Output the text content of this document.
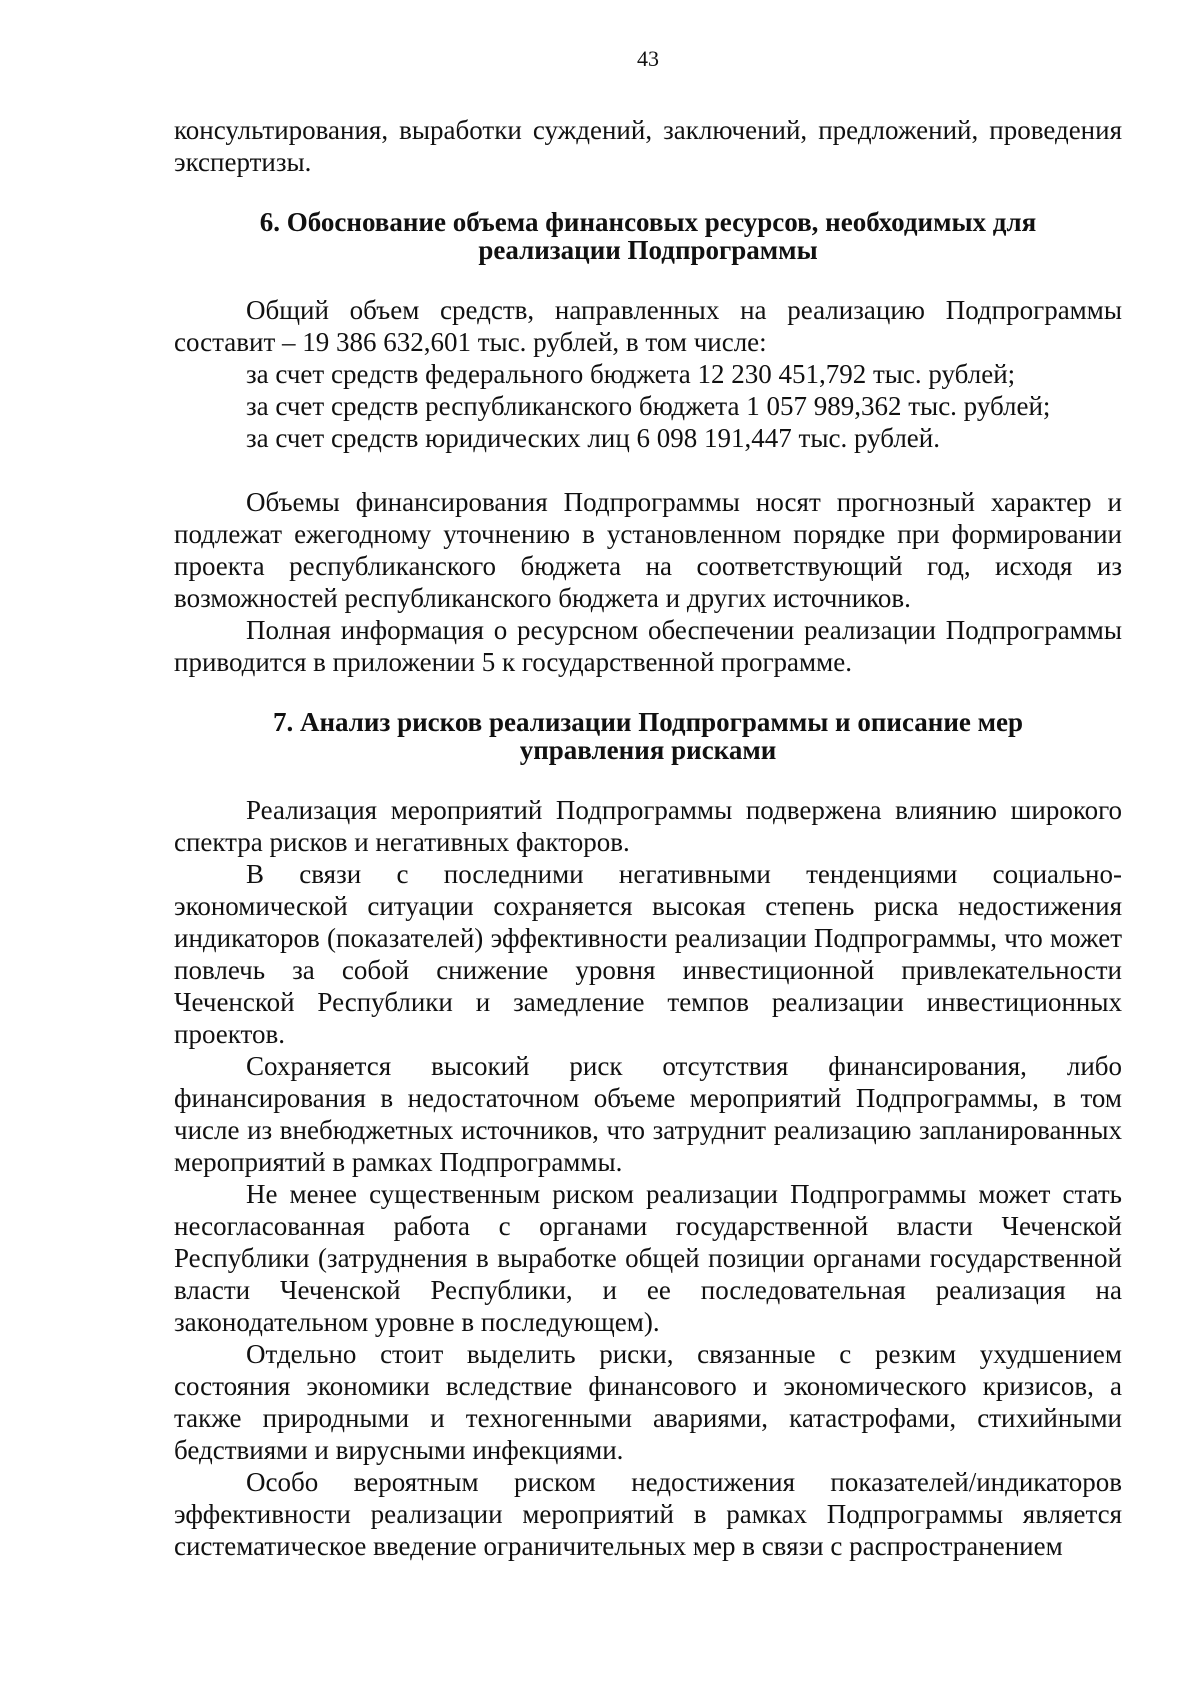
43

консультирования, выработки суждений, заключений, предложений, проведения экспертизы.

6. Обоснование объема финансовых ресурсов, необходимых для

реализации Подпрограммы

Общий объем средств, направленных на реализацию Подпрограммы составит – 19 386 632,601 тыс. рублей, в том числе:

за счет средств федерального бюджета 12 230 451,792 тыс. рублей;

за счет средств республиканского бюджета 1 057 989,362 тыс. рублей;

за счет средств юридических лиц 6 098 191,447 тыс. рублей.

Объемы финансирования Подпрограммы носят прогнозный характер и подлежат ежегодному уточнению в установленном порядке при формировании проекта республиканского бюджета на соответствующий год, исходя из возможностей республиканского бюджета и других источников.

Полная информация о ресурсном обеспечении реализации Подпрограммы приводится в приложении 5 к государственной программе.

7. Анализ рисков реализации Подпрограммы и описание мер

управления рисками

Реализация мероприятий Подпрограммы подвержена влиянию широкого спектра рисков и негативных факторов.

В связи с последними негативными тенденциями социально-экономической ситуации сохраняется высокая степень риска недостижения индикаторов (показателей) эффективности реализации Подпрограммы, что может повлечь за собой снижение уровня инвестиционной привлекательности Чеченской Республики и замедление темпов реализации инвестиционных проектов.

Сохраняется высокий риск отсутствия финансирования, либо финансирования в недостаточном объеме мероприятий Подпрограммы, в том числе из внебюджетных источников, что затруднит реализацию запланированных мероприятий в рамках Подпрограммы.

Не менее существенным риском реализации Подпрограммы может стать несогласованная работа с органами государственной власти Чеченской Республики (затруднения в выработке общей позиции органами государственной власти Чеченской Республики, и ее последовательная реализация на законодательном уровне в последующем).

Отдельно стоит выделить риски, связанные с резким ухудшением состояния экономики вследствие финансового и экономического кризисов, а также природными и техногенными авариями, катастрофами, стихийными бедствиями и вирусными инфекциями.

Особо вероятным риском недостижения показателей/индикаторов эффективности реализации мероприятий в рамках Подпрограммы является систематическое введение ограничительных мер в связи с распространением
